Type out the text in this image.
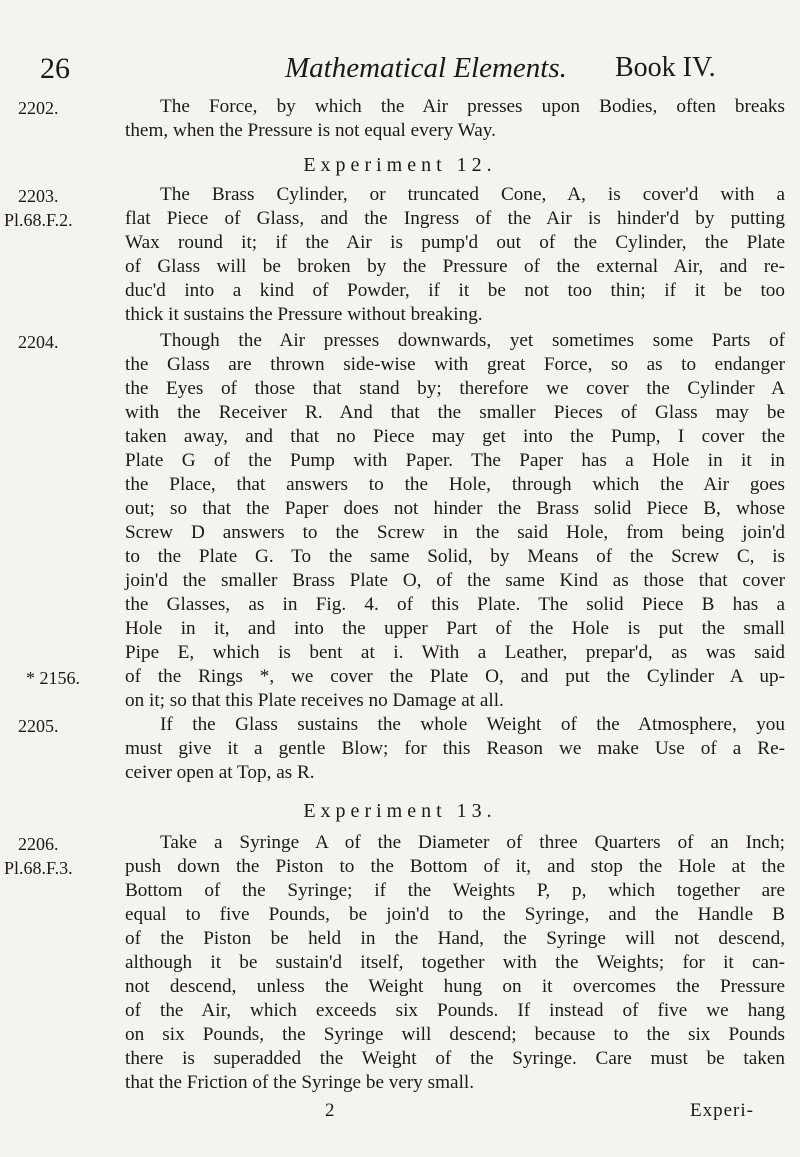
26	Mathematical Elements. Book IV.
2202.	The Force, by which the Air presses upon Bodies, often breaks
them, when the Pressure is not equal every Way.
Experiment 12.
2203.
Pl.68.F.2.
The Brass Cylinder, or truncated Cone, A, is cover'd with a
flat Piece of Glass, and the Ingress of the Air is hinder'd by putting
Wax round it; if the Air is pump'd out of the Cylinder, the Plate
of Glass will be broken by the Pressure of the external Air, and re-
duc'd into a kind of Powder, if it be not too thin; if it be too
thick it sustains the Pressure without breaking.
2204.	Though the Air presses downwards, yet sometimes some Parts of
the Glass are thrown side-wise with great Force, so as to endanger
the Eyes of those that stand by; therefore we cover the Cylinder A
with the Receiver R. And that the smaller Pieces of Glass may be
taken away, and that no Piece may get into the Pump, I cover the
Plate G of the Pump with Paper. The Paper has a Hole in it in
the Place, that answers to the Hole, through which the Air goes
out; so that the Paper does not hinder the Brass solid Piece B, whose
Screw D answers to the Screw in the said Hole, from being join'd
to the Plate G. To the same Solid, by Means of the Screw C, is
join'd the smaller Brass Plate O, of the same Kind as those that cover
the Glasses, as in Fig. 4. of this Plate. The solid Piece B has a
Hole in it, and into the upper Part of the Hole is put the small
Pipe E, which is bent at i. With a Leather, prepar'd, as was said
* 2156. of the Rings *, we cover the Plate O, and put the Cylinder A up-
on it; so that this Plate receives no Damage at all.
2205.	If the Glass sustains the whole Weight of the Atmosphere, you
must give it a gentle Blow; for this Reason we make Use of a Re-
ceiver open at Top, as R.
Experiment 13.
2206.
Pl.68.F.3.
Take a Syringe A of the Diameter of three Quarters of an Inch;
push down the Piston to the Bottom of it, and stop the Hole at the
Bottom of the Syringe; if the Weights P, p, which together are
equal to five Pounds, be join'd to the Syringe, and the Handle B
of the Piston be held in the Hand, the Syringe will not descend,
although it be sustain'd itself, together with the Weights; for it can-
not descend, unless the Weight hung on it overcomes the Pressure
of the Air, which exceeds six Pounds. If instead of five we hang
on six Pounds, the Syringe will descend; because to the six Pounds
there is superadded the Weight of the Syringe. Care must be taken
that the Friction of the Syringe be very small.
2	Experi-
